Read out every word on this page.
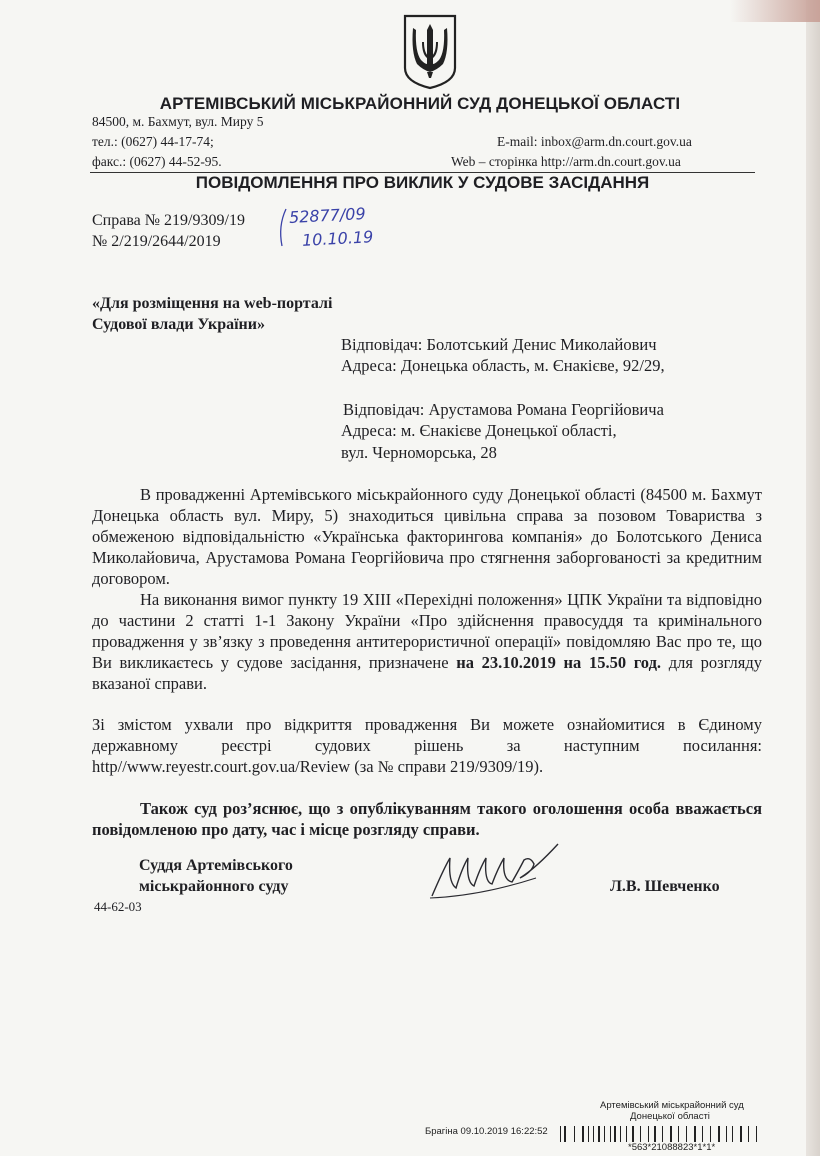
АРТЕМІВСЬКИЙ МІСЬКРАЙОННИЙ СУД ДОНЕЦЬКОЇ ОБЛАСТІ
84500, м. Бахмут, вул. Миру 5
тел.: (0627) 44-17-74;
факс.: (0627) 44-52-95.
E-mail: inbox@arm.dn.court.gov.ua
Web – сторінка http://arm.dn.court.gov.ua
ПОВІДОМЛЕННЯ ПРО ВИКЛИК У СУДОВЕ ЗАСІДАННЯ
Справа № 219/9309/19
№ 2/219/2644/2019
52877/09
10.10.19
«Для розміщення на web-порталі
Судової влади України»
Відповідач: Болотський Денис Миколайович
Адреса: Донецька область, м. Єнакієве, 92/29,
Відповідач: Арустамова Романа Георгійовича
Адреса: м. Єнакієве Донецької області,
вул. Черноморська, 28
В провадженні Артемівського міськрайонного суду Донецької області (84500 м. Бахмут Донецька область вул. Миру, 5) знаходиться цивільна справа за позовом Товариства з обмеженою відповідальністю «Українська факторингова компанія» до Болотського Дениса Миколайовича, Арустамова Романа Георгійовича про стягнення заборгованості за кредитним договором.
На виконання вимог пункту 19 ХIII «Перехідні положення» ЦПК України та відповідно до частини 2 статті 1-1 Закону України «Про здійснення правосуддя та кримінального провадження у зв’язку з проведення антитерористичної операції» повідомляю Вас про те, що Ви викликаєтесь у судове засідання, призначене на 23.10.2019 на 15.50 год. для розгляду вказаної справи.
Зі змістом ухвали про відкриття провадження Ви можете ознайомитися в Єдиному державному реєстрі судових рішень за наступним посилання: http//www.reyestr.court.gov.ua/Review (за № справи 219/9309/19).
Також суд роз’яснює, що з опублікуванням такого оголошення особа вважається повідомленою про дату, час і місце розгляду справи.
Суддя Артемівського
міськрайонного суду
44-62-03
Л.В. Шевченко
Артемівський міськрайонний суд
Донецької області
Брагіна 09.10.2019 16:22:52
*563*21088823*1*1*
